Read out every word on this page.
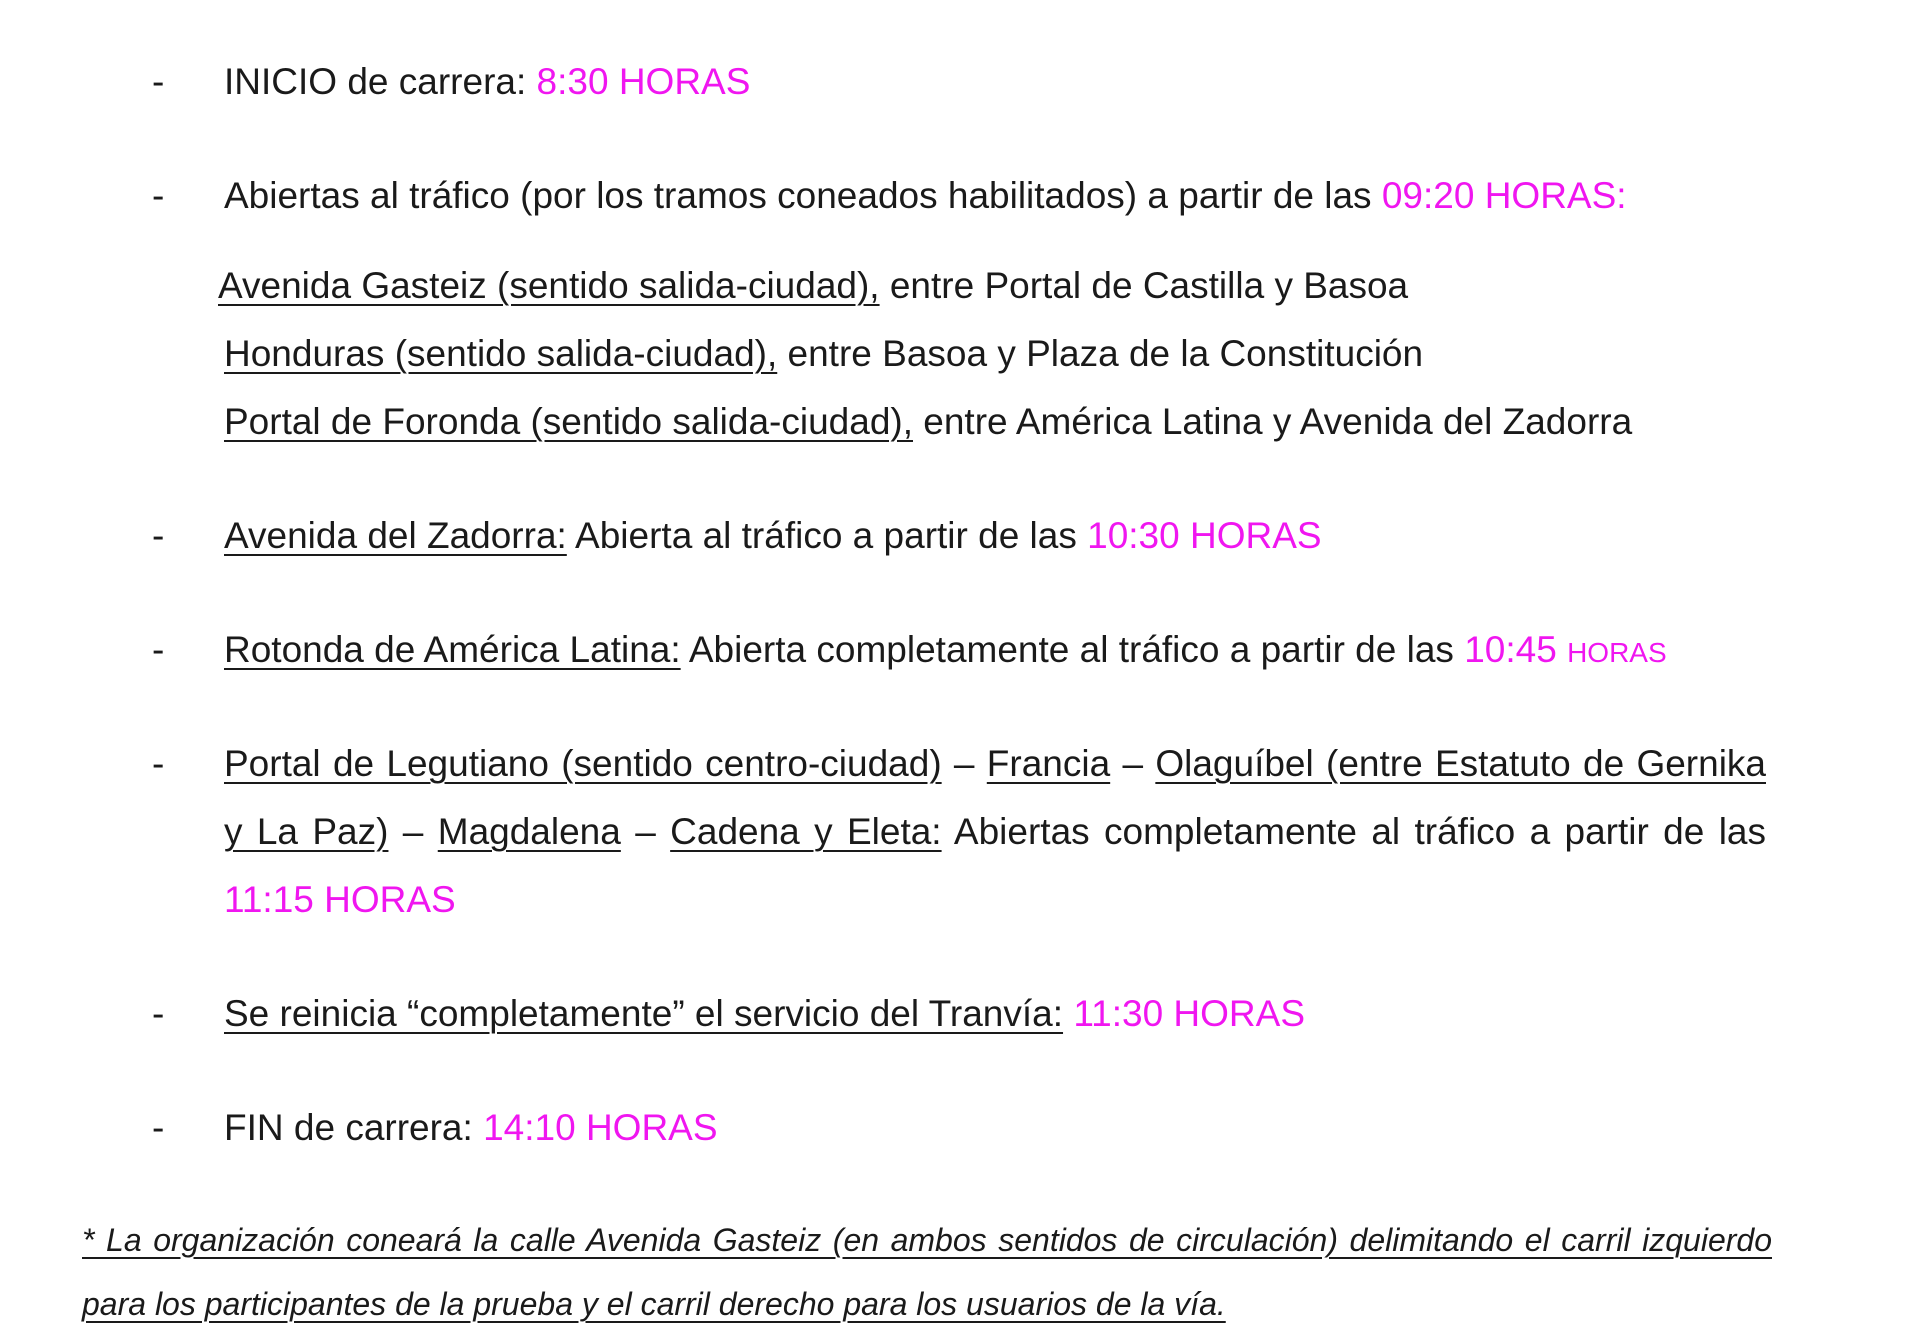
- INICIO de carrera: 8:30 HORAS
- Abiertas al tráfico (por los tramos coneados habilitados) a partir de las 09:20 HORAS:
Avenida Gasteiz (sentido salida-ciudad), entre Portal de Castilla y Basoa
Honduras (sentido salida-ciudad), entre Basoa y Plaza de la Constitución
Portal de Foronda (sentido salida-ciudad), entre América Latina y Avenida del Zadorra
- Avenida del Zadorra: Abierta al tráfico a partir de las 10:30 HORAS
- Rotonda de América Latina: Abierta completamente al tráfico a partir de las 10:45 HORAS
- Portal de Legutiano (sentido centro-ciudad) – Francia – Olaguíbel (entre Estatuto de Gernika y La Paz) – Magdalena – Cadena y Eleta: Abiertas completamente al tráfico a partir de las 11:15 HORAS
- Se reinicia “completamente” el servicio del Tranvía: 11:30 HORAS
- FIN de carrera: 14:10 HORAS
* La organización coneará la calle Avenida Gasteiz (en ambos sentidos de circulación) delimitando el carril izquierdo para los participantes de la prueba y el carril derecho para los usuarios de la vía.
